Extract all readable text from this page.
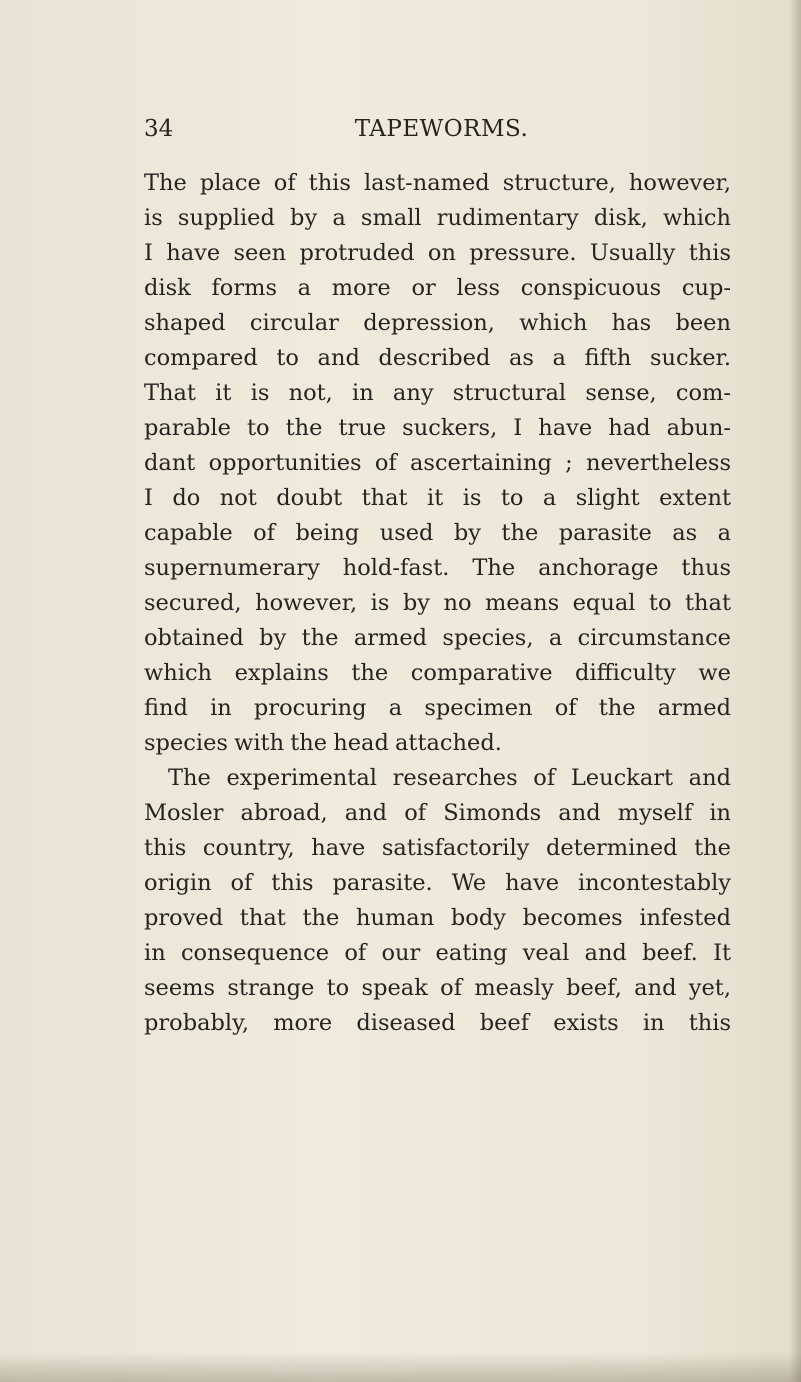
34	TAPEWORMS.
The place of this last-named structure, however,
is supplied by a small rudimentary disk, which
I have seen protruded on pressure. Usually this
disk forms a more or less conspicuous cup-
shaped circular depression, which has been
compared to and described as a fifth sucker.
That it is not, in any structural sense, com-
parable to the true suckers, I have had abun-
dant opportunities of ascertaining ; nevertheless
I do not doubt that it is to a slight extent
capable of being used by the parasite as a
supernumerary hold-fast. The anchorage thus
secured, however, is by no means equal to that
obtained by the armed species, a circumstance
which explains the comparative difficulty we
find in procuring a specimen of the armed
species with the head attached.
The experimental researches of Leuckart and
Mosler abroad, and of Simonds and myself in
this country, have satisfactorily determined the
origin of this parasite. We have incontestably
proved that the human body becomes infested
in consequence of our eating veal and beef. It
seems strange to speak of measly beef, and yet,
probably, more diseased beef exists in this
